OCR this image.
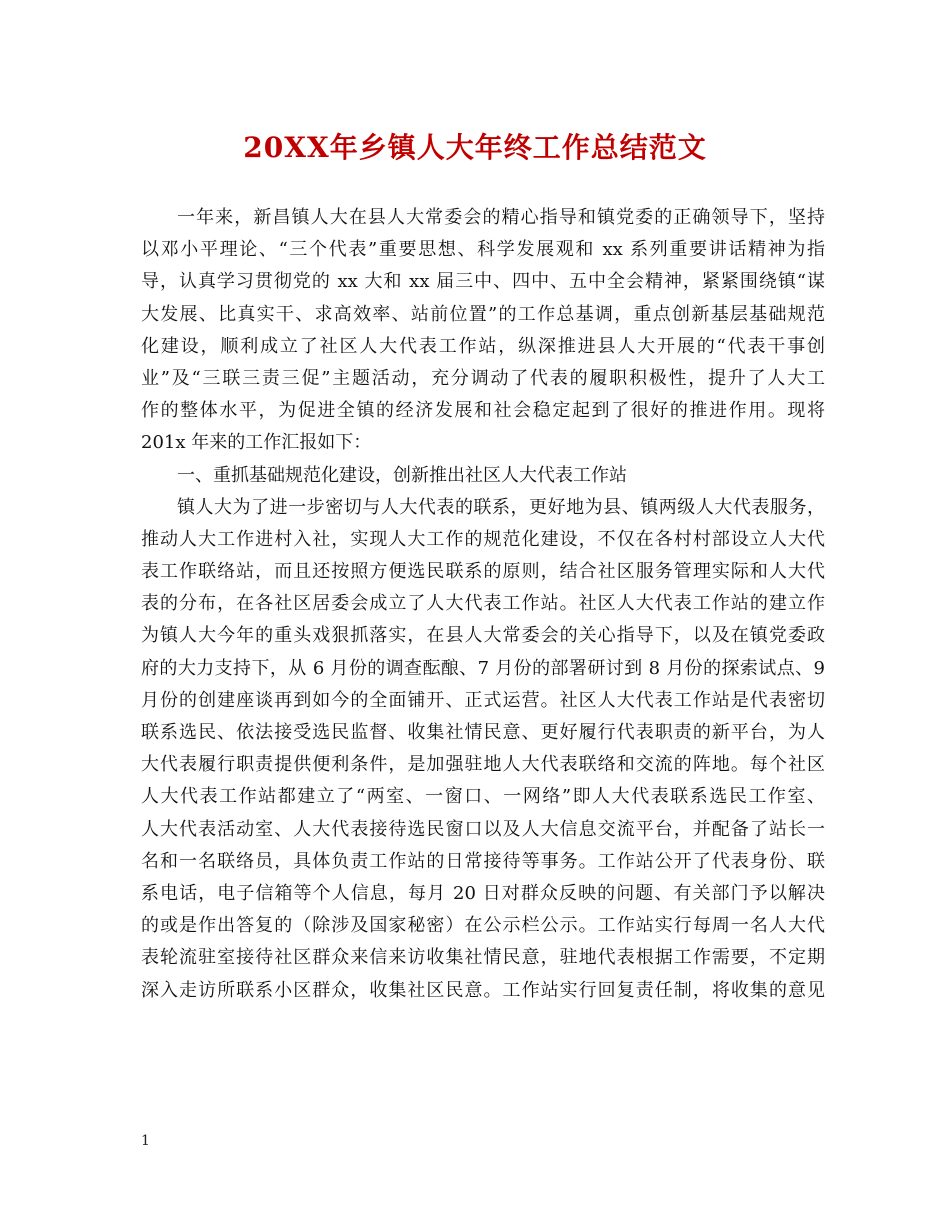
20XX年乡镇人大年终工作总结范文
一年来，新昌镇人大在县人大常委会的精心指导和镇党委的正确领导下，坚持
以邓小平理论、“三个代表”重要思想、科学发展观和 xx 系列重要讲话精神为指
导，认真学习贯彻党的 xx 大和 xx 届三中、四中、五中全会精神，紧紧围绕镇“谋
大发展、比真实干、求高效率、站前位置”的工作总基调，重点创新基层基础规范
化建设，顺利成立了社区人大代表工作站，纵深推进县人大开展的“代表干事创
业”及“三联三责三促”主题活动，充分调动了代表的履职积极性，提升了人大工
作的整体水平，为促进全镇的经济发展和社会稳定起到了很好的推进作用。现将
201x 年来的工作汇报如下：
一、重抓基础规范化建设，创新推出社区人大代表工作站
镇人大为了进一步密切与人大代表的联系，更好地为县、镇两级人大代表服务，
推动人大工作进村入社，实现人大工作的规范化建设，不仅在各村村部设立人大代
表工作联络站，而且还按照方便选民联系的原则，结合社区服务管理实际和人大代
表的分布，在各社区居委会成立了人大代表工作站。社区人大代表工作站的建立作
为镇人大今年的重头戏狠抓落实，在县人大常委会的关心指导下，以及在镇党委政
府的大力支持下，从 6 月份的调查酝酿、7 月份的部署研讨到 8 月份的探索试点、9
月份的创建座谈再到如今的全面铺开、正式运营。社区人大代表工作站是代表密切
联系选民、依法接受选民监督、收集社情民意、更好履行代表职责的新平台，为人
大代表履行职责提供便利条件，是加强驻地人大代表联络和交流的阵地。每个社区
人大代表工作站都建立了“两室、一窗口、一网络”即人大代表联系选民工作室、
人大代表活动室、人大代表接待选民窗口以及人大信息交流平台，并配备了站长一
名和一名联络员，具体负责工作站的日常接待等事务。工作站公开了代表身份、联
系电话，电子信箱等个人信息，每月 20 日对群众反映的问题、有关部门予以解决
的或是作出答复的（除涉及国家秘密）在公示栏公示。工作站实行每周一名人大代
表轮流驻室接待社区群众来信来访收集社情民意，驻地代表根据工作需要，不定期
深入走访所联系小区群众，收集社区民意。工作站实行回复责任制，将收集的意见
1
